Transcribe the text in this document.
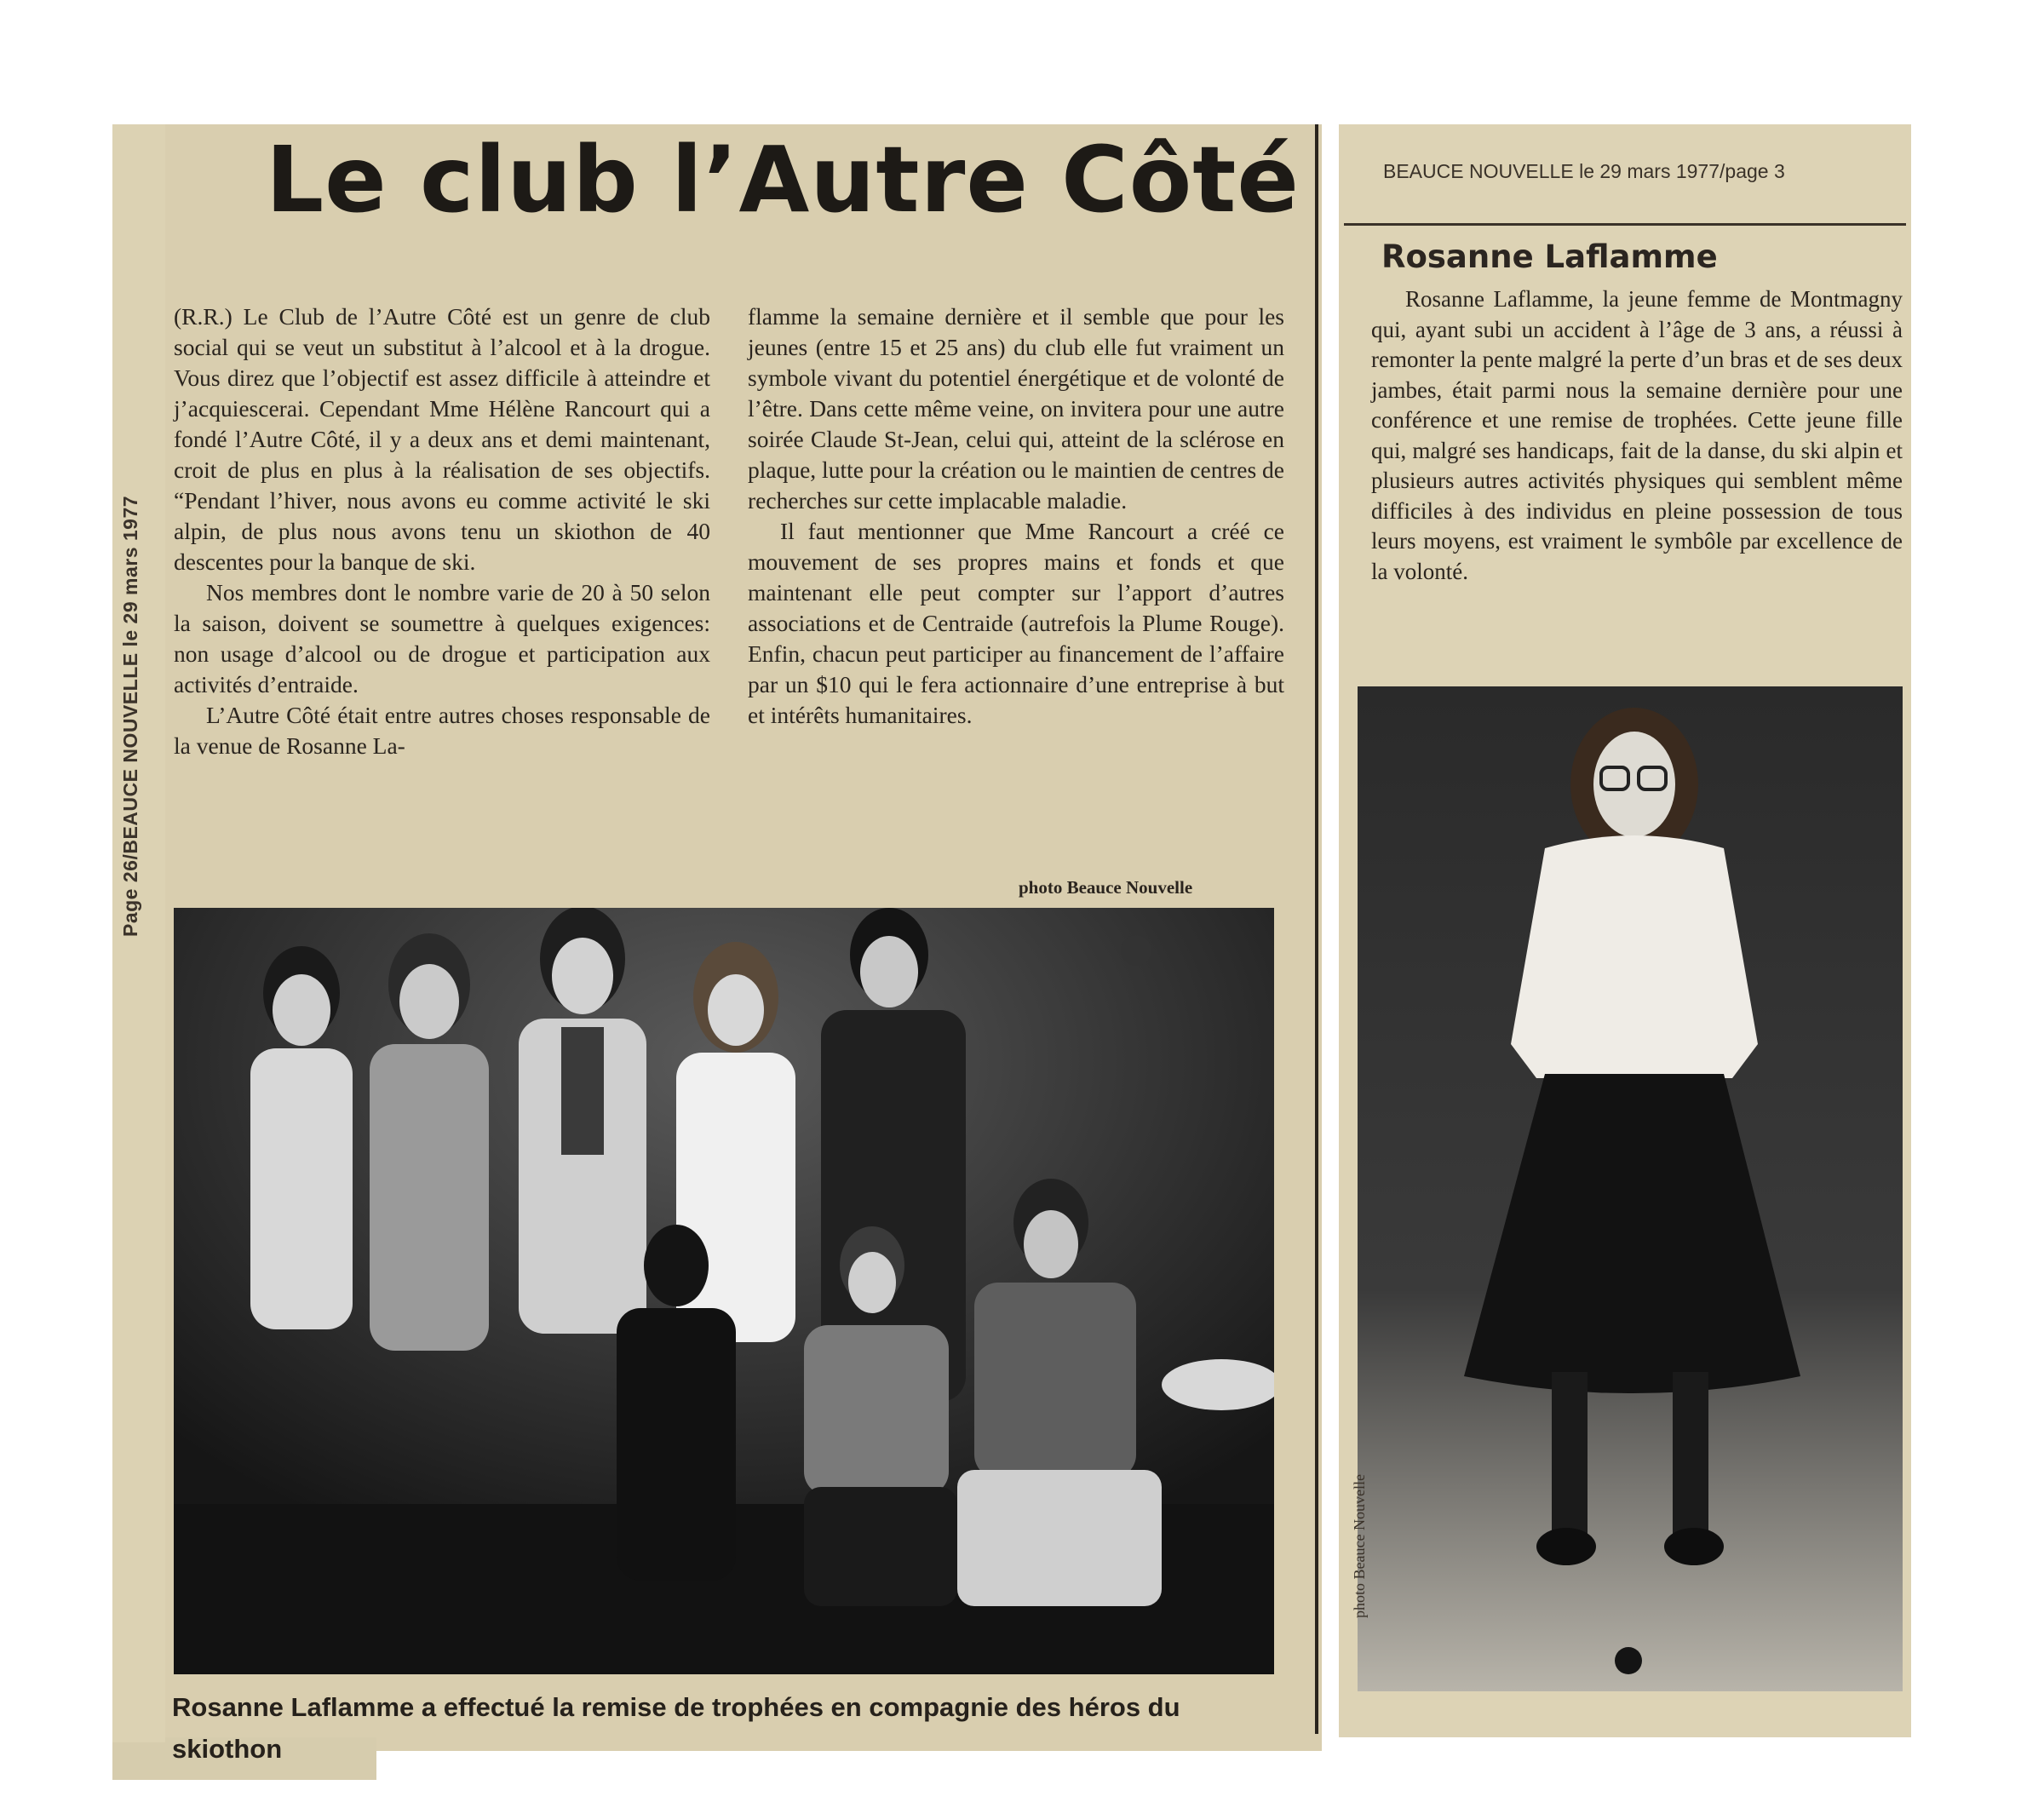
Page 26/BEAUCE NOUVELLE le 29 mars 1977
Le club l’Autre Côté

(R.R.) Le Club de l’Autre Côté est un genre de club social qui se veut un substitut à l’alcool et à la drogue. Vous direz que l’objectif est assez difficile à atteindre et j’acquiescerai. Cependant Mme Hélène Rancourt qui a fondé l’Autre Côté, il y a deux ans et demi maintenant, croit de plus en plus à la réalisation de ses objectifs. “Pendant l’hiver, nous avons eu comme activité le ski alpin, de plus nous avons tenu un skiothon de 40 descentes pour la banque de ski.

Nos membres dont le nombre varie de 20 à 50 selon la saison, doivent se soumettre à quelques exigences: non usage d’alcool ou de drogue et participation aux activités d’entraide.

L’Autre Côté était entre autres choses responsable de la venue de Rosanne La-

flamme la semaine dernière et il semble que pour les jeunes (entre 15 et 25 ans) du club elle fut vraiment un symbole vivant du potentiel énergétique et de volonté de l’être. Dans cette même veine, on invitera pour une autre soirée Claude St-Jean, celui qui, atteint de la sclérose en plaque, lutte pour la création ou le maintien de centres de recherches sur cette implacable maladie.

Il faut mentionner que Mme Rancourt a créé ce mouvement de ses propres mains et fonds et que maintenant elle peut compter sur l’apport d’autres associations et de Centraide (autrefois la Plume Rouge). Enfin, chacun peut participer au financement de l’affaire par un $10 qui le fera actionnaire d’une entreprise à but et intérêts humanitaires.

photo Beauce Nouvelle
Rosanne Laflamme a effectué la remise de trophées en compagnie des héros du skiothon
BEAUCE NOUVELLE le 29 mars 1977/page 3
Rosanne Laflamme

Rosanne Laflamme, la jeune femme de Montmagny qui, ayant subi un accident à l’âge de 3 ans, a réussi à remonter la pente malgré la perte d’un bras et de ses deux jambes, était parmi nous la semaine dernière pour une conférence et une remise de trophées. Cette jeune fille qui, malgré ses handicaps, fait de la danse, du ski alpin et plusieurs autres activités physiques qui semblent même difficiles à des individus en pleine possession de tous leurs moyens, est vraiment le symbôle par excellence de la volonté.

photo Beauce Nouvelle
